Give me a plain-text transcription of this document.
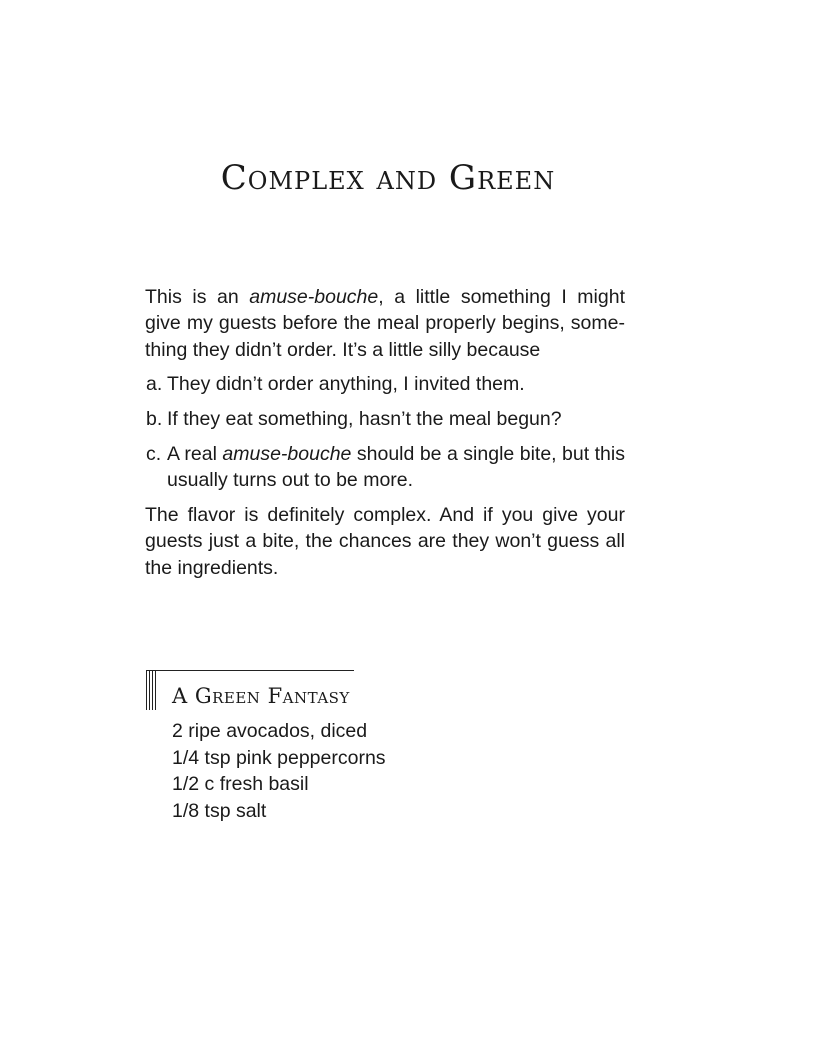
Complex and Green

This is an amuse-bouche, a little something I might give my guests before the meal properly begins, something they didn’t order. It’s a little silly because

a. They didn’t order anything, I invited them.
b. If they eat something, hasn’t the meal begun?
c. A real amuse-bouche should be a single bite, but this usually turns out to be more.

The flavor is definitely complex. And if you give your guests just a bite, the chances are they won’t guess all the ingredients.

A Green Fantasy
2 ripe avocados, diced
1/4 tsp pink peppercorns
1/2 c fresh basil
1/8 tsp salt
